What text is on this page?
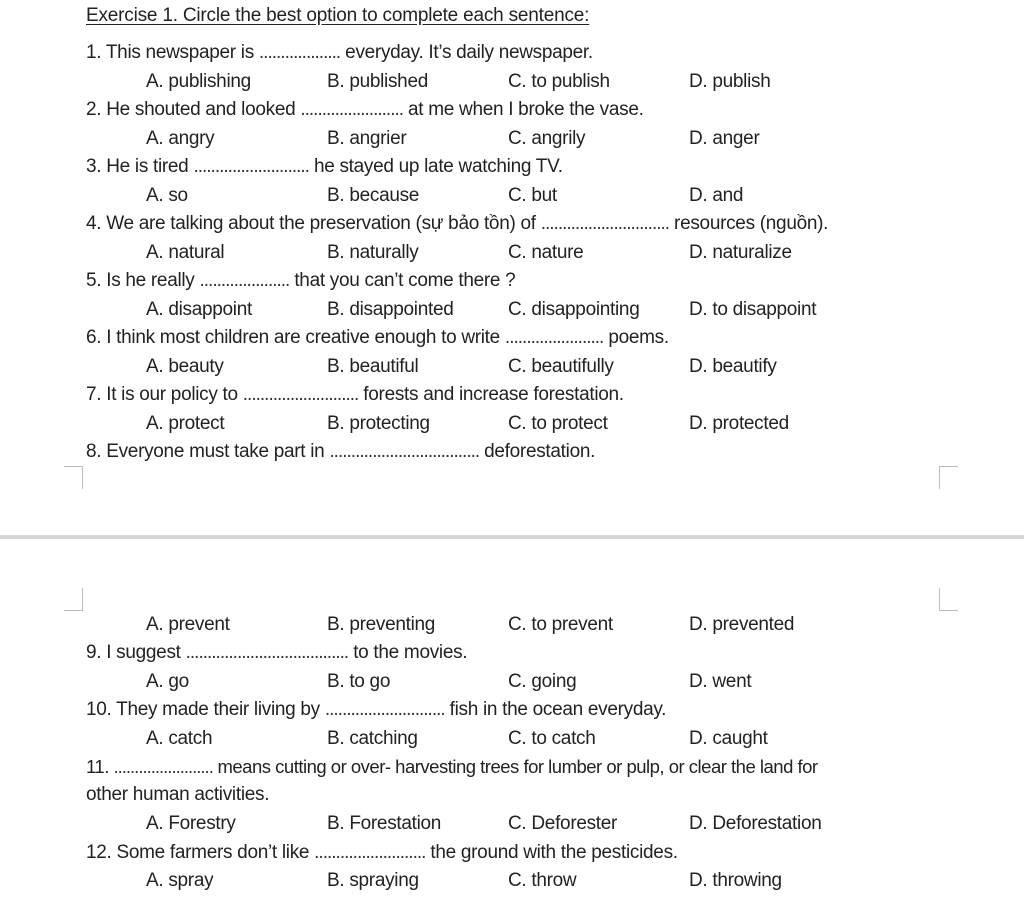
Exercise 1. Circle the best option to complete each sentence:
1. This newspaper is ................... everyday. It’s daily newspaper.
A. publishing	B. published	C. to publish	D. publish
2. He shouted and looked ........................ at me when I broke the vase.
A. angry	B. angrier	C. angrily	D. anger
3. He is tired ........................... he stayed up late watching TV.
A. so	B. because	C. but	D. and
4. We are talking about the preservation (sự bảo tồn) of .............................. resources (nguồn).
A. natural	B. naturally	C. nature	D. naturalize
5. Is he really ..................... that you can’t come there ?
A. disappoint	B. disappointed	C. disappointing	D. to disappoint
6. I think most children are creative enough to write ....................... poems.
A. beauty	B. beautiful	C. beautifully	D. beautify
7. It is our policy to ........................... forests and increase forestation.
A. protect	B. protecting	C. to protect	D. protected
8. Everyone must take part in ................................... deforestation.
A. prevent	B. preventing	C. to prevent	D. prevented
9. I suggest ...................................... to the movies.
A. go	B. to go	C. going	D. went
10. They made their living by ............................ fish in the ocean everyday.
A. catch	B. catching	C. to catch	D. caught
11. ........................ means cutting or over- harvesting trees for lumber or pulp, or clear the land for
other human activities.
A. Forestry	B. Forestation	C. Deforester	D. Deforestation
12. Some farmers don’t like .......................... the ground with the pesticides.
A. spray	B. spraying	C. throw	D. throwing
